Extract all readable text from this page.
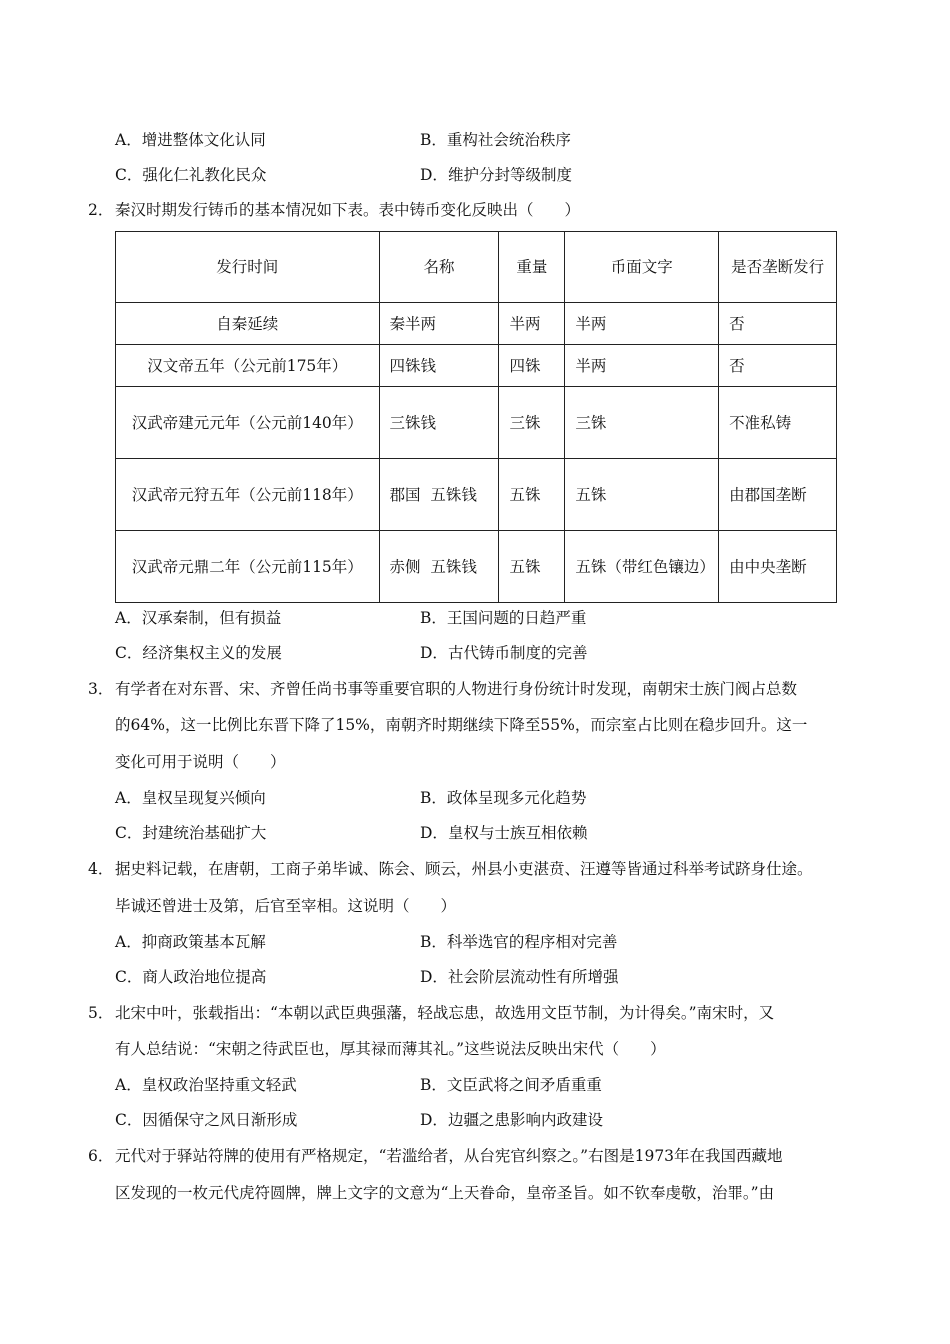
A．增进整体文化认同	B．重构社会统治秩序
C．强化仁礼教化民众	D．维护分封等级制度
2． 秦汉时期发行铸币的基本情况如下表。表中铸币变化反映出（　　）
发行时间	名称	重量	币面文字	是否垄断发行
自秦延续	秦半两	半两	半两	否
汉文帝五年（公元前175年）	四铢钱	四铢	半两	否
汉武帝建元元年（公元前140年）	三铢钱	三铢	三铢	不准私铸
汉武帝元狩五年（公元前118年）	郡国  五铢钱	五铢	五铢	由郡国垄断
汉武帝元鼎二年（公元前115年）	赤侧  五铢钱	五铢	五铢（带红色镶边）	由中央垄断
A．汉承秦制，但有损益	B．王国问题的日趋严重
C．经济集权主义的发展	D．古代铸币制度的完善
3． 有学者在对东晋、宋、齐曾任尚书事等重要官职的人物进行身份统计时发现，南朝宋士族门阀占总数
的64%，这一比例比东晋下降了15%，南朝齐时期继续下降至55%，而宗室占比则在稳步回升。这一
变化可用于说明（　　）
A．皇权呈现复兴倾向	B．政体呈现多元化趋势
C．封建统治基础扩大	D．皇权与士族互相依赖
4． 据史料记载，在唐朝，工商子弟毕诚、陈会、顾云，州县小吏湛贲、汪遵等皆通过科举考试跻身仕途。
毕诚还曾进士及第，后官至宰相。这说明（　　）
A．抑商政策基本瓦解	B．科举选官的程序相对完善
C．商人政治地位提高	D．社会阶层流动性有所增强
5． 北宋中叶，张载指出：“本朝以武臣典强藩，轻战忘患，故选用文臣节制，为计得矣。”南宋时，又
有人总结说：“宋朝之待武臣也，厚其禄而薄其礼。”这些说法反映出宋代（　　）
A．皇权政治坚持重文轻武	B．文臣武将之间矛盾重重
C．因循保守之风日渐形成	D．边疆之患影响内政建设
6． 元代对于驿站符牌的使用有严格规定，“若滥给者，从台宪官纠察之。”右图是1973年在我国西藏地
区发现的一枚元代虎符圆牌，牌上文字的文意为“上天眷命，皇帝圣旨。如不钦奉虔敬，治罪。”由
